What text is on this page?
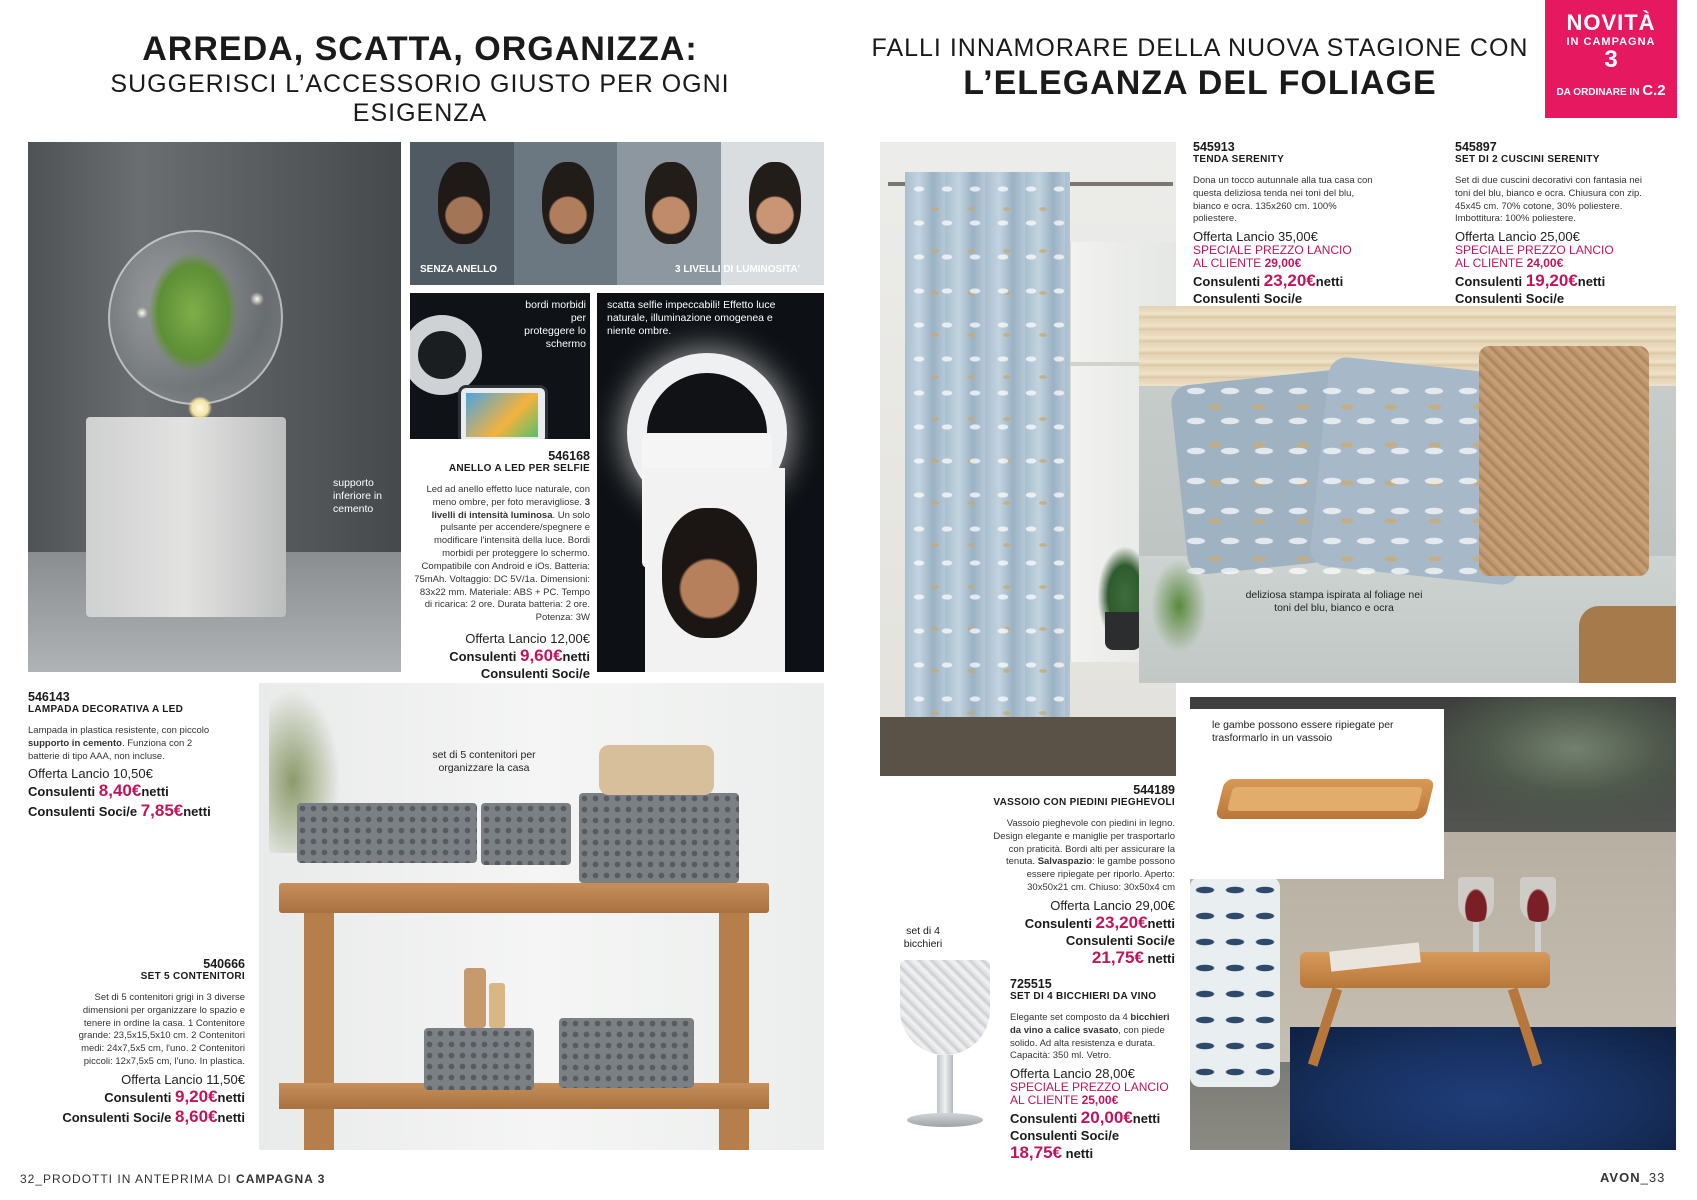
ARREDA, SCATTA, ORGANIZZA:
SUGGERISCI L’ACCESSORIO GIUSTO PER OGNI ESIGENZA
supporto inferiore in cemento
SENZA ANELLO	3 LIVELLI DI LUMINOSITA'
bordi morbidi per proteggere lo schermo
scatta selfie impeccabili! Effetto luce naturale, illuminazione omogenea e niente ombre.
546168
ANELLO A LED PER SELFIE
Led ad anello effetto luce naturale, con meno ombre, per foto meravigliose. 3 livelli di intensità luminosa. Un solo pulsante per accendere/spegnere e modificare l'intensità della luce. Bordi morbidi per proteggere lo schermo. Compatibile con Android e iOs. Batteria: 75mAh. Voltaggio: DC 5V/1a. Dimensioni: 83x22 mm. Materiale: ABS + PC. Tempo di ricarica: 2 ore. Durata batteria: 2 ore. Potenza: 3W
Offerta Lancio 12,00€
Consulenti 9,60€netti
Consulenti Soci/e
546143
LAMPADA DECORATIVA A LED
Lampada in plastica resistente, con piccolo supporto in cemento. Funziona con 2 batterie di tipo AAA, non incluse.
Offerta Lancio 10,50€
Consulenti 8,40€netti
Consulenti Soci/e 7,85€netti
set di 5 contenitori per organizzare la casa
540666
SET 5 CONTENITORI
Set di 5 contenitori grigi in 3 diverse dimensioni per organizzare lo spazio e tenere in ordine la casa. 1 Contenitore grande: 23,5x15,5x10 cm. 2 Contenitori medi: 24x7,5x5 cm, l'uno. 2 Contenitori piccoli: 12x7,5x5 cm, l'uno. In plastica.
Offerta Lancio 11,50€
Consulenti 9,20€netti
Consulenti Soci/e 8,60€netti
32_PRODOTTI IN ANTEPRIMA DI CAMPAGNA 3
FALLI INNAMORARE DELLA NUOVA STAGIONE CON
L’ELEGANZA DEL FOLIAGE
NOVITÀ
IN CAMPAGNA
3
DA ORDINARE IN C.2
545913
TENDA SERENITY
Dona un tocco autunnale alla tua casa con questa deliziosa tenda nei toni del blu, bianco e ocra. 135x260 cm. 100% poliestere.
Offerta Lancio 35,00€
SPECIALE PREZZO LANCIO
AL CLIENTE 29,00€
Consulenti 23,20€netti
Consulenti Soci/e
545897
SET DI 2 CUSCINI SERENITY
Set di due cuscini decorativi con fantasia nei toni del blu, bianco e ocra. Chiusura con zip. 45x45 cm. 70% cotone, 30% poliestere. Imbottitura: 100% poliestere.
Offerta Lancio 25,00€
SPECIALE PREZZO LANCIO
AL CLIENTE 24,00€
Consulenti 19,20€netti
Consulenti Soci/e
deliziosa stampa ispirata al foliage nei toni del blu, bianco e ocra
544189
VASSOIO CON PIEDINI PIEGHEVOLI
Vassoio pieghevole con piedini in legno. Design elegante e maniglie per trasportarlo con praticità. Bordi alti per assicurare la tenuta. Salvaspazio: le gambe possono essere ripiegate per riporlo. Aperto: 30x50x21 cm. Chiuso: 30x50x4 cm
Offerta Lancio 29,00€
Consulenti 23,20€netti
Consulenti Soci/e
21,75€ netti
set di 4 bicchieri
725515
SET DI 4 BICCHIERI DA VINO
Elegante set composto da 4 bicchieri da vino a calice svasato, con piede solido. Ad alta resistenza e durata. Capacità: 350 ml. Vetro.
Offerta Lancio 28,00€
SPECIALE PREZZO LANCIO
AL CLIENTE 25,00€
Consulenti 20,00€netti
Consulenti Soci/e
18,75€ netti
le gambe possono essere ripiegate per trasformarlo in un vassoio
AVON_33
